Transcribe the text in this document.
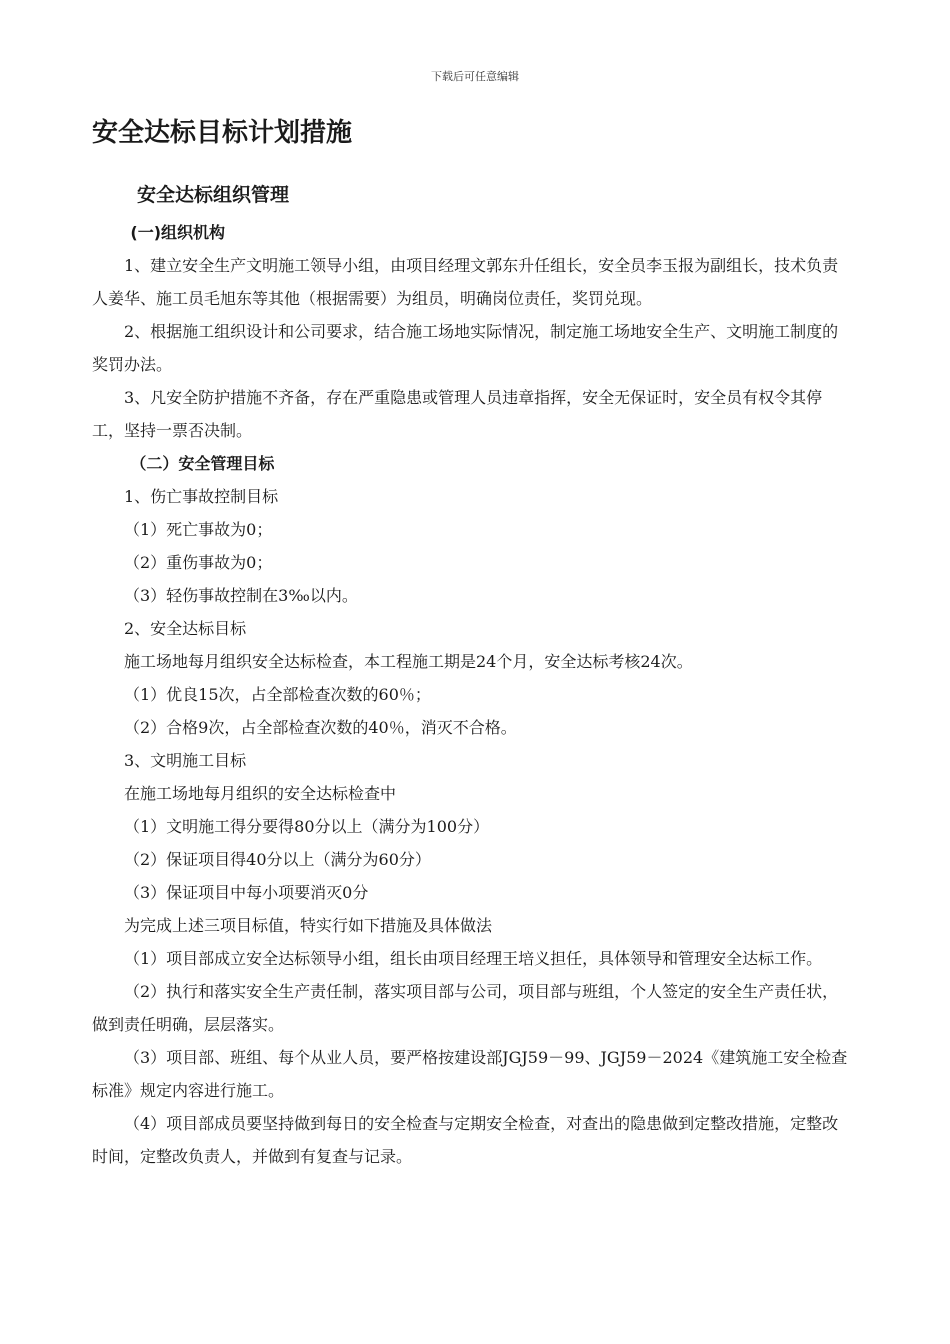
下载后可任意编辑
安全达标目标计划措施
安全达标组织管理

(一)组织机构

1、建立安全生产文明施工领导小组，由项目经理文郭东升任组长，安全员李玉报为副组长，技术负责人姜华、施工员毛旭东等其他（根据需要）为组员，明确岗位责任，奖罚兑现。

2、根据施工组织设计和公司要求，结合施工场地实际情况，制定施工场地安全生产、文明施工制度的奖罚办法。

3、凡安全防护措施不齐备，存在严重隐患或管理人员违章指挥，安全无保证时，安全员有权令其停工，坚持一票否决制。

（二）安全管理目标

1、伤亡事故控制目标

（1）死亡事故为0；

（2）重伤事故为0；

（3）轻伤事故控制在3‰以内。

2、安全达标目标

施工场地每月组织安全达标检查，本工程施工期是24个月，安全达标考核24次。

（1）优良15次，占全部检查次数的60％；

（2）合格9次，占全部检查次数的40％，消灭不合格。

3、文明施工目标

在施工场地每月组织的安全达标检查中

（1）文明施工得分要得80分以上（满分为100分）

（2）保证项目得40分以上（满分为60分）

（3）保证项目中每小项要消灭0分

为完成上述三项目标值，特实行如下措施及具体做法

（1）项目部成立安全达标领导小组，组长由项目经理王培义担任，具体领导和管理安全达标工作。

（2）执行和落实安全生产责任制，落实项目部与公司，项目部与班组，个人签定的安全生产责任状，做到责任明确，层层落实。

（3）项目部、班组、每个从业人员，要严格按建设部JGJ59－99、JGJ59－2024《建筑施工安全检查标准》规定内容进行施工。

（4）项目部成员要坚持做到每日的安全检查与定期安全检查，对查出的隐患做到定整改措施，定整改时间，定整改负责人，并做到有复查与记录。
